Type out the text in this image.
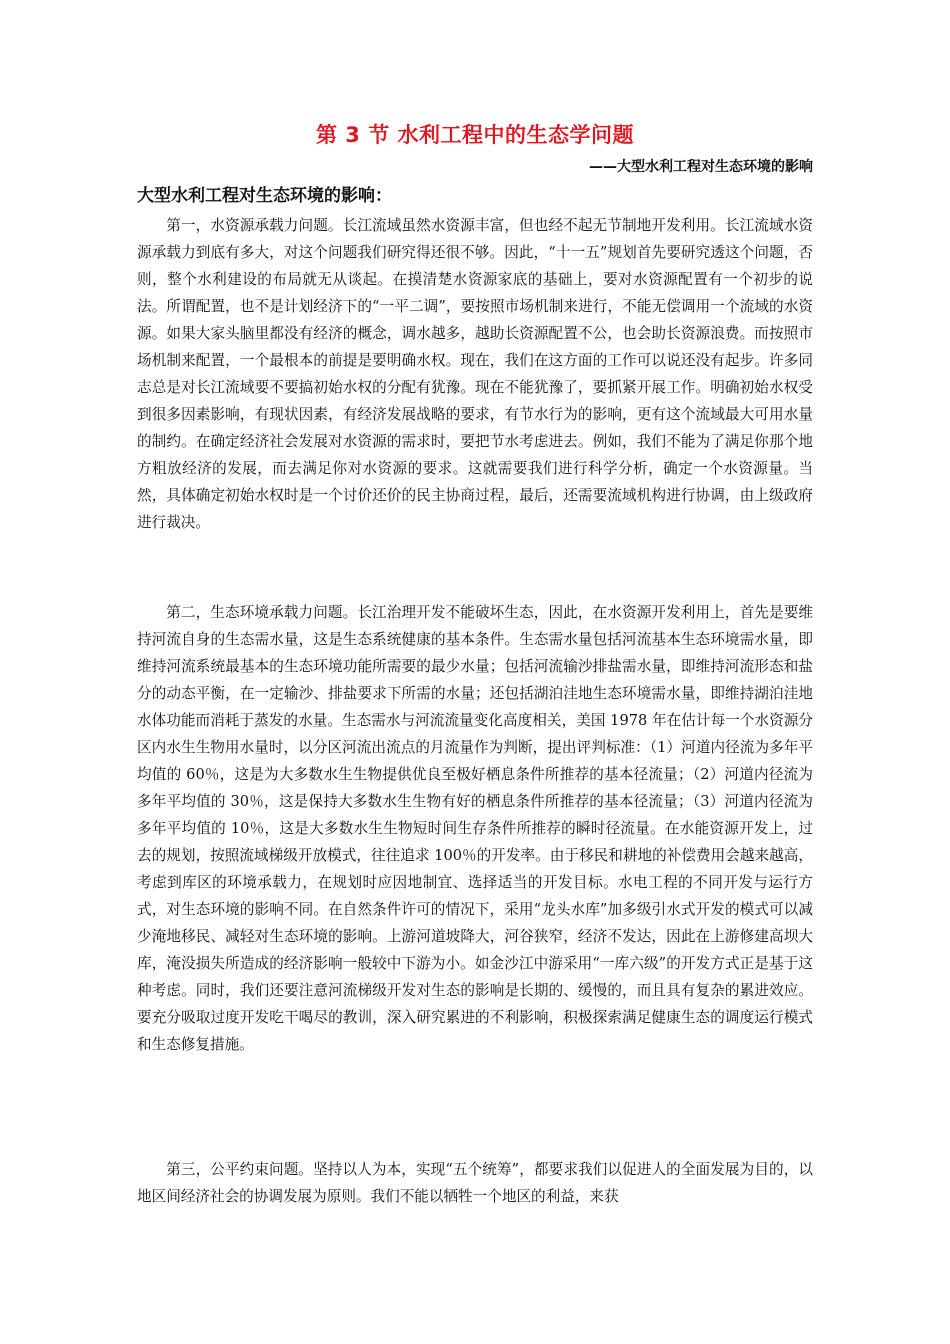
第 3 节 水利工程中的生态学问题
——大型水利工程对生态环境的影响
大型水利工程对生态环境的影响：

第一，水资源承载力问题。长江流域虽然水资源丰富，但也经不起无节制地开发利用。长江流域水资源承载力到底有多大，对这个问题我们研究得还很不够。因此，“十一五”规划首先要研究透这个问题，否则，整个水利建设的布局就无从谈起。在摸清楚水资源家底的基础上，要对水资源配置有一个初步的说法。所谓配置，也不是计划经济下的“一平二调”，要按照市场机制来进行，不能无偿调用一个流域的水资源。如果大家头脑里都没有经济的概念，调水越多，越助长资源配置不公，也会助长资源浪费。而按照市场机制来配置，一个最根本的前提是要明确水权。现在，我们在这方面的工作可以说还没有起步。许多同志总是对长江流域要不要搞初始水权的分配有犹豫。现在不能犹豫了，要抓紧开展工作。明确初始水权受到很多因素影响，有现状因素，有经济发展战略的要求，有节水行为的影响，更有这个流域最大可用水量的制约。在确定经济社会发展对水资源的需求时，要把节水考虑进去。例如，我们不能为了满足你那个地方粗放经济的发展，而去满足你对水资源的要求。这就需要我们进行科学分析，确定一个水资源量。当然，具体确定初始水权时是一个讨价还价的民主协商过程，最后，还需要流域机构进行协调，由上级政府进行裁决。

第二，生态环境承载力问题。长江治理开发不能破坏生态，因此，在水资源开发利用上，首先是要维持河流自身的生态需水量，这是生态系统健康的基本条件。生态需水量包括河流基本生态环境需水量，即维持河流系统最基本的生态环境功能所需要的最少水量；包括河流输沙排盐需水量，即维持河流形态和盐分的动态平衡，在一定输沙、排盐要求下所需的水量；还包括湖泊洼地生态环境需水量，即维持湖泊洼地水体功能而消耗于蒸发的水量。生态需水与河流流量变化高度相关，美国 1978 年在估计每一个水资源分区内水生生物用水量时，以分区河流出流点的月流量作为判断，提出评判标准：（1）河道内径流为多年平均值的 60％，这是为大多数水生生物提供优良至极好栖息条件所推荐的基本径流量；（2）河道内径流为多年平均值的 30％，这是保持大多数水生生物有好的栖息条件所推荐的基本径流量；（3）河道内径流为多年平均值的 10％，这是大多数水生生物短时间生存条件所推荐的瞬时径流量。在水能资源开发上，过去的规划，按照流域梯级开放模式，往往追求 100％的开发率。由于移民和耕地的补偿费用会越来越高，考虑到库区的环境承载力，在规划时应因地制宜、选择适当的开发目标。水电工程的不同开发与运行方式，对生态环境的影响不同。在自然条件许可的情况下，采用“龙头水库”加多级引水式开发的模式可以减少淹地移民、减轻对生态环境的影响。上游河道坡降大，河谷狭窄，经济不发达，因此在上游修建高坝大库，淹没损失所造成的经济影响一般较中下游为小。如金沙江中游采用“一库六级”的开发方式正是基于这种考虑。同时，我们还要注意河流梯级开发对生态的影响是长期的、缓慢的，而且具有复杂的累进效应。要充分吸取过度开发吃干喝尽的教训，深入研究累进的不利影响，积极探索满足健康生态的调度运行模式和生态修复措施。

第三，公平约束问题。坚持以人为本，实现“五个统筹”，都要求我们以促进人的全面发展为目的，以地区间经济社会的协调发展为原则。我们不能以牺牲一个地区的利益，来获
